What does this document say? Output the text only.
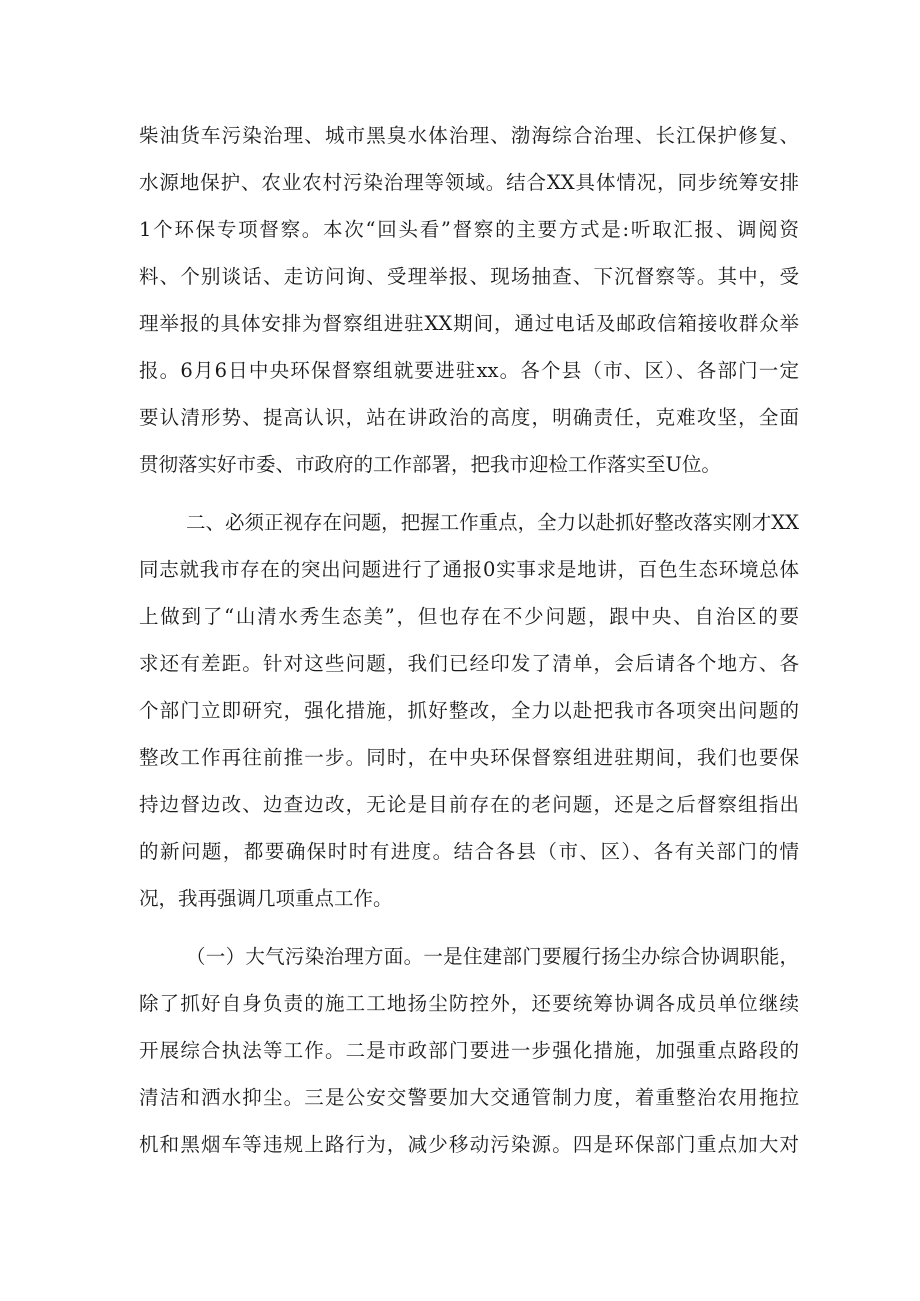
柴油货车污染治理、城市黑臭水体治理、渤海综合治理、长江保护修复、
水源地保护、农业农村污染治理等领域。结合XX具体情况，同步统筹安排
1个环保专项督察。本次“回头看”督察的主要方式是:听取汇报、调阅资
料、个别谈话、走访问询、受理举报、现场抽查、下沉督察等。其中，受
理举报的具体安排为督察组进驻XX期间，通过电话及邮政信箱接收群众举
报。6月6日中央环保督察组就要进驻xx。各个县（市、区）、各部门一定
要认清形势、提高认识，站在讲政治的高度，明确责任，克难攻坚，全面
贯彻落实好市委、市政府的工作部署，把我市迎检工作落实至U位。
二、必须正视存在问题，把握工作重点，全力以赴抓好整改落实刚才XX
同志就我市存在的突出问题进行了通报0实事求是地讲，百色生态环境总体
上做到了“山清水秀生态美”，但也存在不少问题，跟中央、自治区的要
求还有差距。针对这些问题，我们已经印发了清单，会后请各个地方、各
个部门立即研究，强化措施，抓好整改，全力以赴把我市各项突出问题的
整改工作再往前推一步。同时，在中央环保督察组进驻期间，我们也要保
持边督边改、边查边改，无论是目前存在的老问题，还是之后督察组指出
的新问题，都要确保时时有进度。结合各县（市、区）、各有关部门的情
况，我再强调几项重点工作。
（一）大气污染治理方面。一是住建部门要履行扬尘办综合协调职能，
除了抓好自身负责的施工工地扬尘防控外，还要统筹协调各成员单位继续
开展综合执法等工作。二是市政部门要进一步强化措施，加强重点路段的
清洁和洒水抑尘。三是公安交警要加大交通管制力度，着重整治农用拖拉
机和黑烟车等违规上路行为，减少移动污染源。四是环保部门重点加大对
